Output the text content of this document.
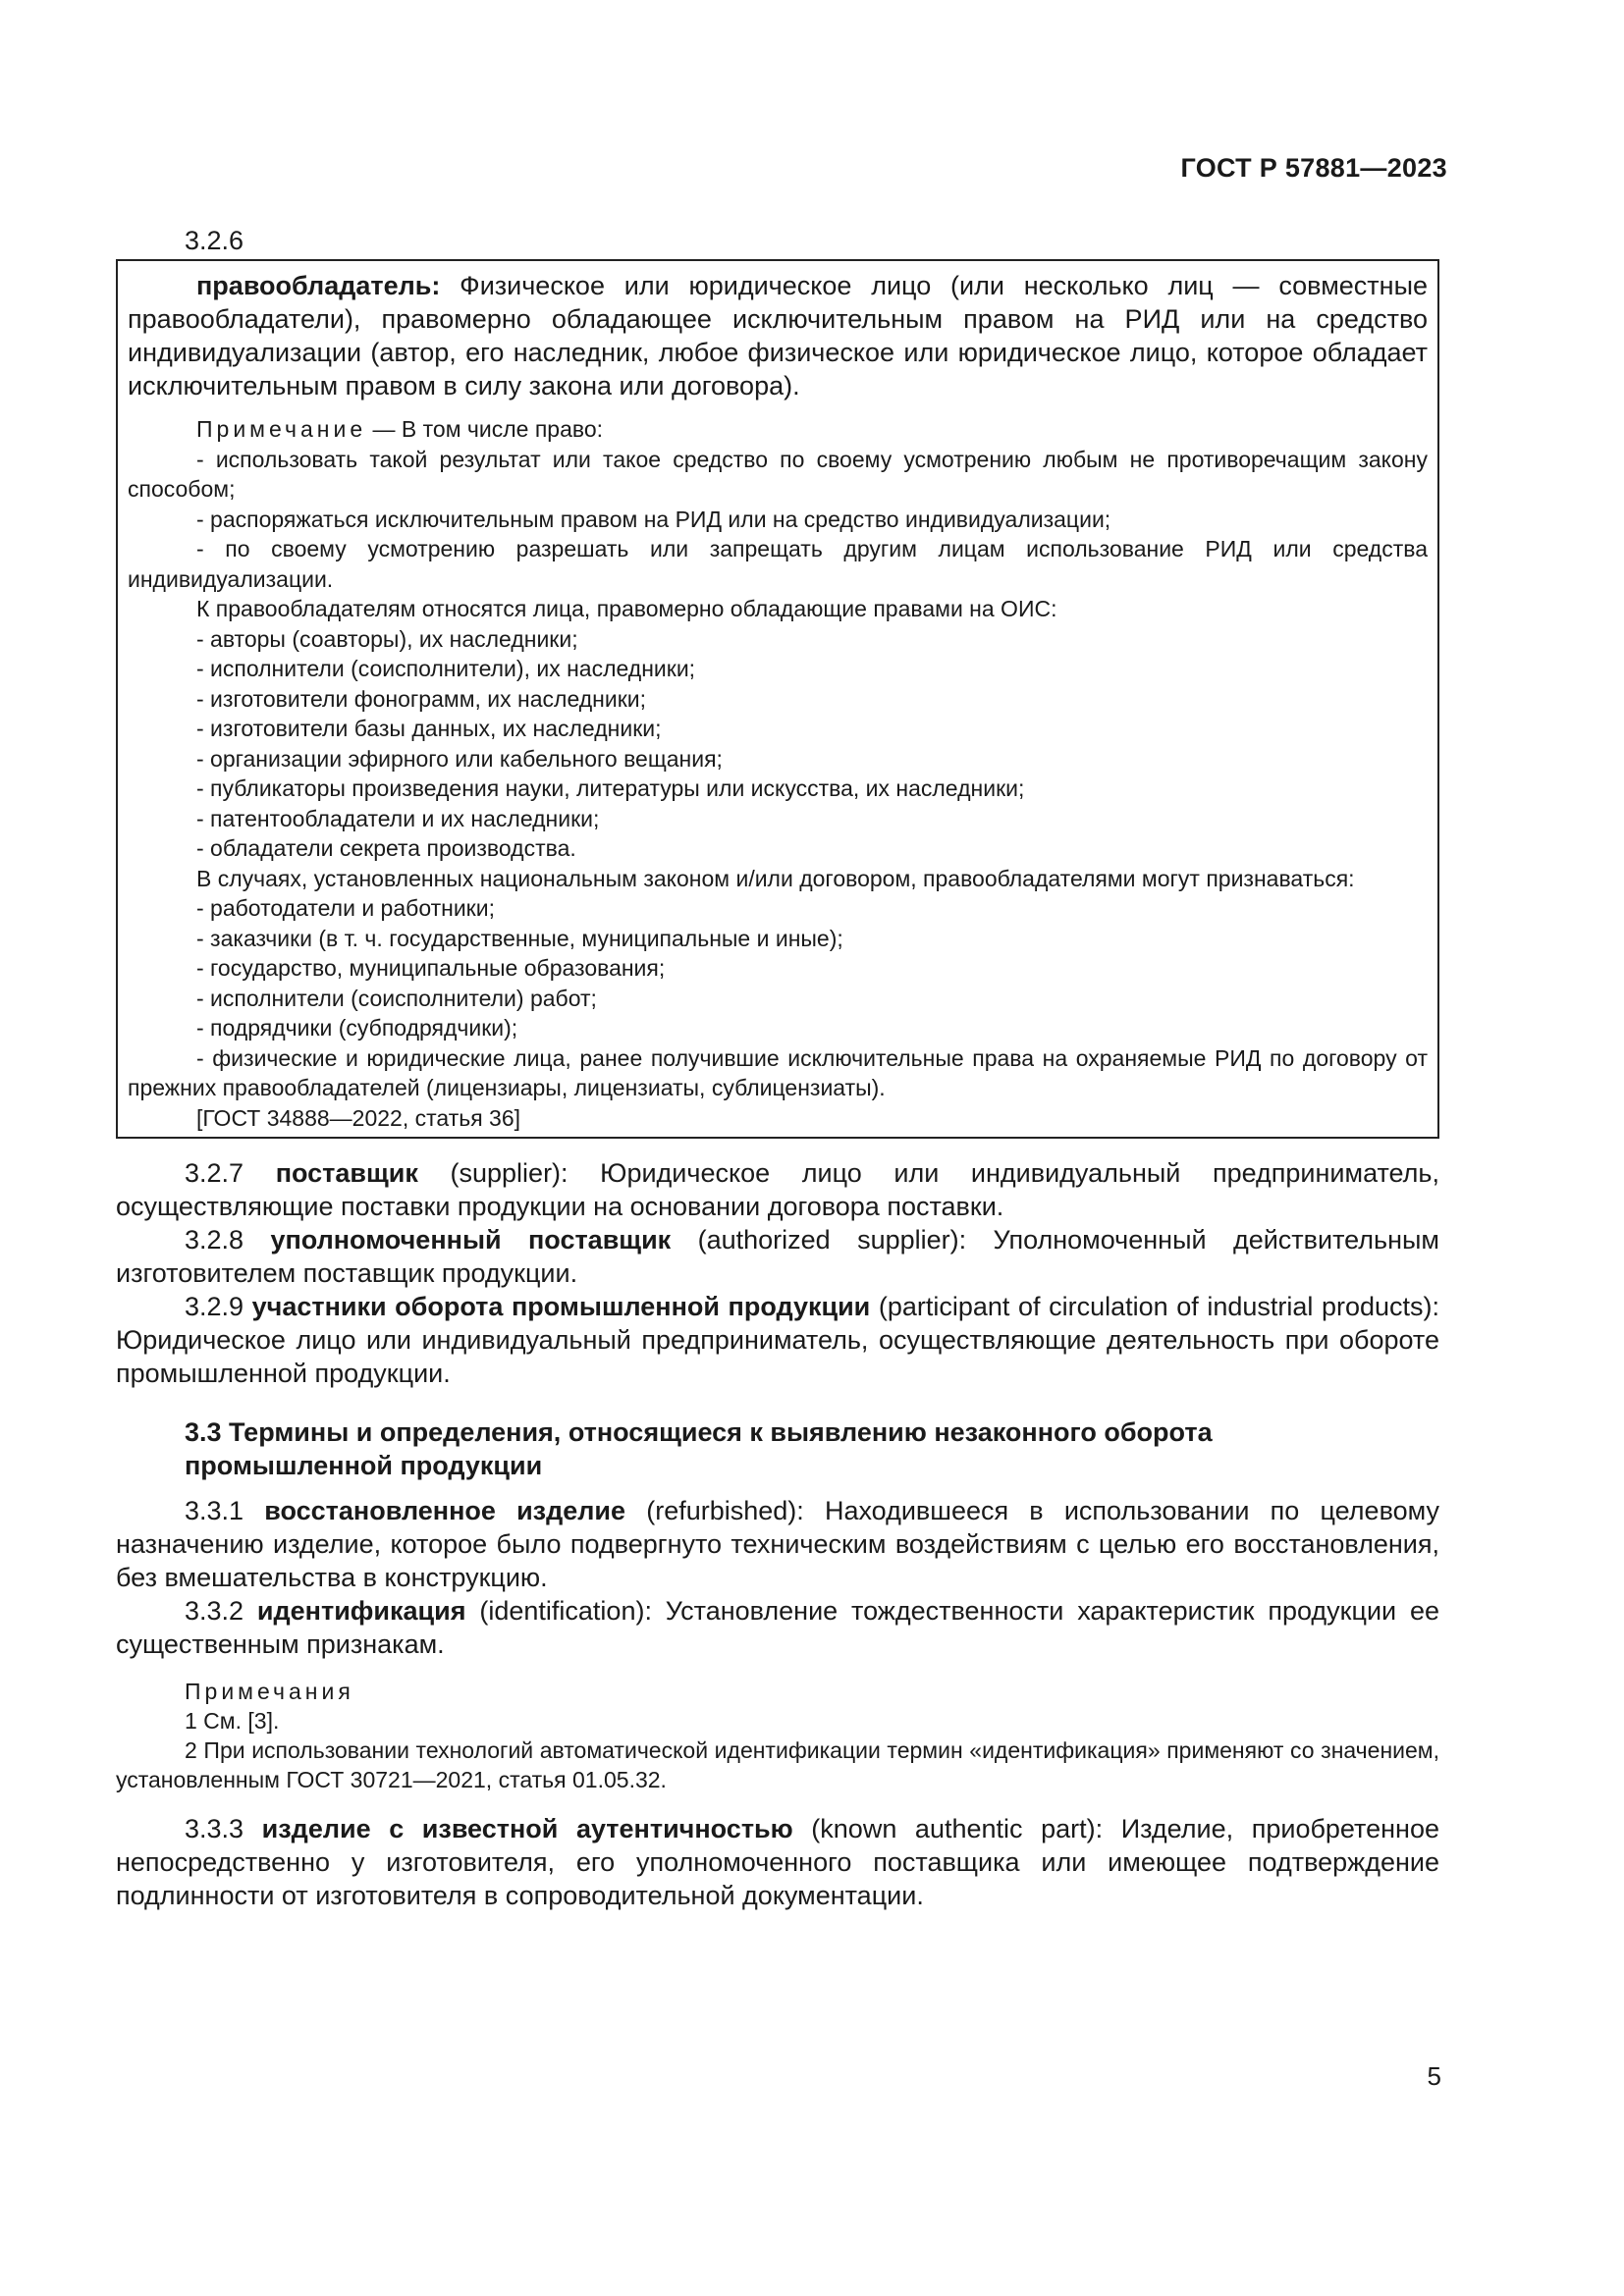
ГОСТ Р 57881—2023

3.2.6

правообладатель: Физическое или юридическое лицо (или несколько лиц — совместные правообладатели), правомерно обладающее исключительным правом на РИД или на средство индивидуализации (автор, его наследник, любое физическое или юридическое лицо, которое обладает исключительным правом в силу закона или договора).

Примечание — В том числе право:

- использовать такой результат или такое средство по своему усмотрению любым не противоречащим закону способом;

- распоряжаться исключительным правом на РИД или на средство индивидуализации;

- по своему усмотрению разрешать или запрещать другим лицам использование РИД или средства индивидуализации.

К правообладателям относятся лица, правомерно обладающие правами на ОИС:

- авторы (соавторы), их наследники;

- исполнители (соисполнители), их наследники;

- изготовители фонограмм, их наследники;

- изготовители базы данных, их наследники;

- организации эфирного или кабельного вещания;

- публикаторы произведения науки, литературы или искусства, их наследники;

- патентообладатели и их наследники;

- обладатели секрета производства.

В случаях, установленных национальным законом и/или договором, правообладателями могут признаваться:

- работодатели и работники;

- заказчики (в т. ч. государственные, муниципальные и иные);

- государство, муниципальные образования;

- исполнители (соисполнители) работ;

- подрядчики (субподрядчики);

- физические и юридические лица, ранее получившие исключительные права на охраняемые РИД по договору от прежних правообладателей (лицензиары, лицензиаты, сублицензиаты).

[ГОСТ 34888—2022, статья 36]

3.2.7 поставщик (supplier): Юридическое лицо или индивидуальный предприниматель, осуществляющие поставки продукции на основании договора поставки.

3.2.8 уполномоченный поставщик (authorized supplier): Уполномоченный действительным изготовителем поставщик продукции.

3.2.9 участники оборота промышленной продукции (participant of circulation of industrial products): Юридическое лицо или индивидуальный предприниматель, осуществляющие деятельность при обороте промышленной продукции.

3.3 Термины и определения, относящиеся к выявлению незаконного оборота
промышленной продукции

3.3.1 восстановленное изделие (refurbished): Находившееся в использовании по целевому назначению изделие, которое было подвергнуто техническим воздействиям с целью его восстановления, без вмешательства в конструкцию.

3.3.2 идентификация (identification): Установление тождественности характеристик продукции ее существенным признакам.

Примечания

1 См. [3].

2 При использовании технологий автоматической идентификации термин «идентификация» применяют со значением, установленным ГОСТ 30721—2021, статья 01.05.32.

3.3.3 изделие с известной аутентичностью (known authentic part): Изделие, приобретенное непосредственно у изготовителя, его уполномоченного поставщика или имеющее подтверждение подлинности от изготовителя в сопроводительной документации.

5
